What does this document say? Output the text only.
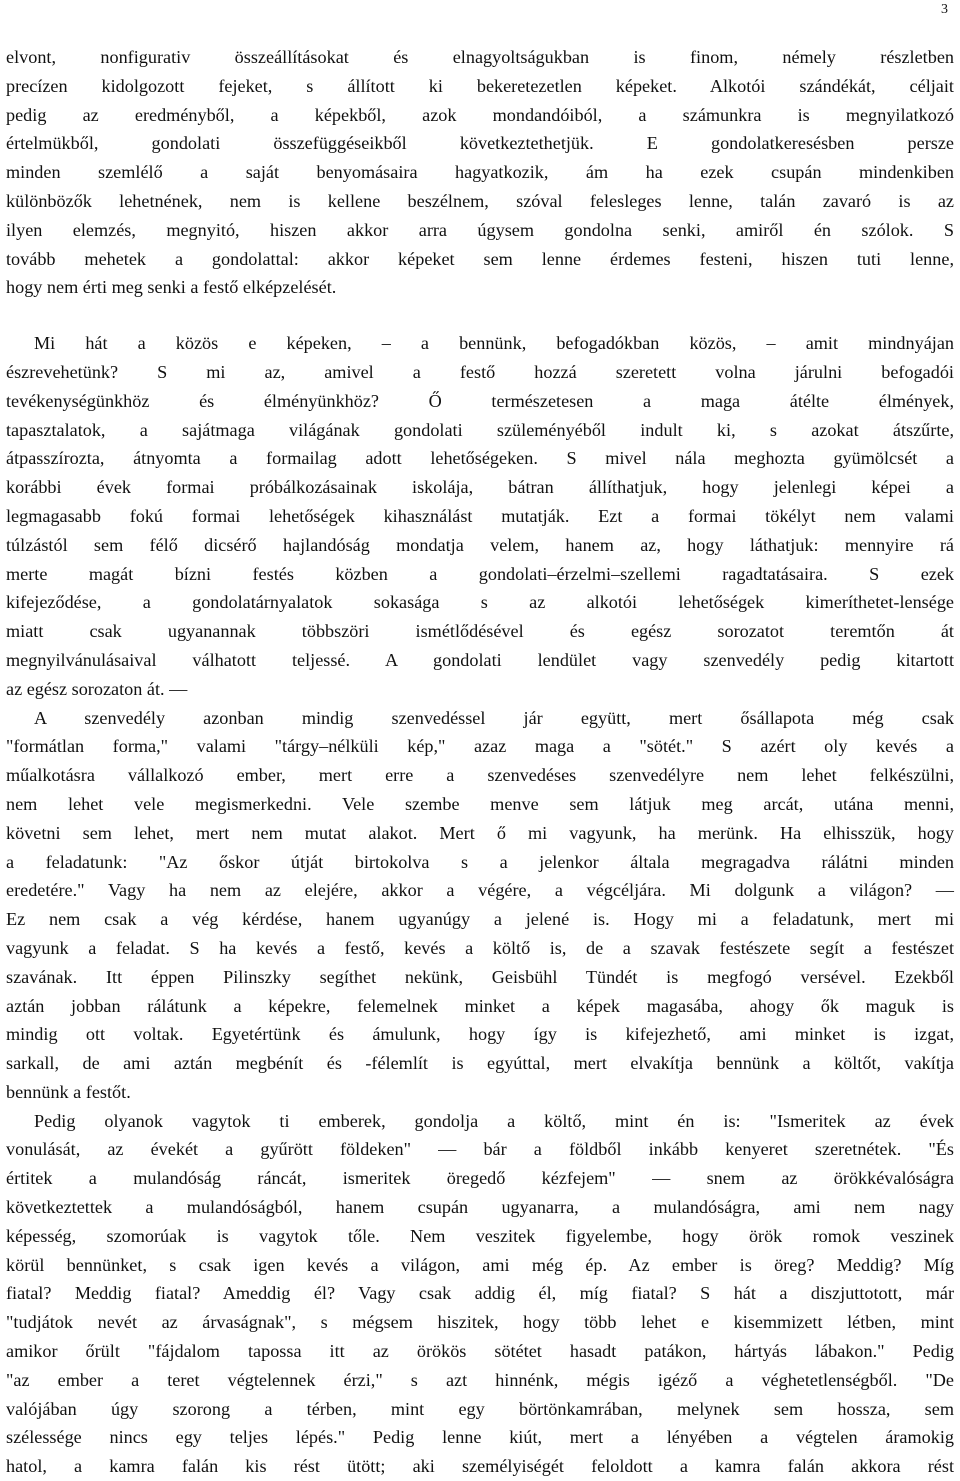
3
elvont, nonfigurativ összeállításokat és elnagyoltságukban is finom, némely részletben
precízen kidolgozott fejeket, s állított ki bekeretezetlen képeket. Alkotói szándékát, céljait
pedig az eredményből, a képekből, azok mondandóiból, a számunkra is megnyilatkozó
értelmükből, gondolati összefüggéseikből következtethetjük. E gondolatkeresésben persze
minden szemlélő a saját benyomásaira hagyatkozik, ám ha ezek csupán mindenkiben
különbözők lehetnének, nem is kellene beszélnem, szóval felesleges lenne, talán zavaró is az
ilyen elemzés, megnyitó, hiszen akkor arra úgysem gondolna senki, amiről én szólok. S
tovább mehetek a gondolattal: akkor képeket sem lenne érdemes festeni, hiszen tuti lenne,
hogy nem érti meg senki a festő elképzelését.
Mi hát a közös e képeken, – a bennünk, befogadókban közös, – amit mindnyájan
észrevehetünk? S mi az, amivel a festő hozzá szeretett volna járulni befogadói
tevékenységünkhöz és élményünkhöz? Ő természetesen a maga átélte élmények,
tapasztalatok, a sajátmaga világának gondolati szüleményéből indult ki, s azokat átszűrte,
átpasszírozta, átnyomta a formailag adott lehetőségeken. S mivel nála meghozta gyümölcsét a
korábbi évek formai próbálkozásainak iskolája, bátran állíthatjuk, hogy jelenlegi képei a
legmagasabb fokú formai lehetőségek kihasználást mutatják. Ezt a formai tökélyt nem valami
túlzástól sem félő dicsérő hajlandóság mondatja velem, hanem az, hogy láthatjuk: mennyire rá
merte magát bízni festés közben a gondolati–érzelmi–szellemi ragadtatásaira. S ezek
kifejeződése, a gondolatárnyalatok sokasága s az alkotói lehetőségek kimeríthetet-lensége
miatt csak ugyanannak többszöri ismétlődésével és egész sorozatot teremtőn át
megnyilvánulásaival válhatott teljessé. A gondolati lendület vagy szenvedély pedig kitartott
az egész sorozaton át. —
A szenvedély azonban mindig szenvedéssel jár együtt, mert ősállapota még csak
"formátlan forma," valami "tárgy–nélküli kép," azaz maga a "sötét." S azért oly kevés a
műalkotásra vállalkozó ember, mert erre a szenvedéses szenvedélyre nem lehet felkészülni,
nem lehet vele megismerkedni. Vele szembe menve sem látjuk meg arcát, utána menni,
követni sem lehet, mert nem mutat alakot. Mert ő mi vagyunk, ha merünk. Ha elhisszük, hogy
a feladatunk: "Az őskor útját birtokolva s a jelenkor általa megragadva rálátni minden
eredetére." Vagy ha nem az elejére, akkor a végére, a végcéljára. Mi dolgunk a világon? —
Ez nem csak a vég kérdése, hanem ugyanúgy a jelené is. Hogy mi a feladatunk, mert mi
vagyunk a feladat. S ha kevés a festő, kevés a költő is, de a szavak festészete segít a festészet
szavának. Itt éppen Pilinszky segíthet nekünk, Geisbühl Tündét is megfogó versével. Ezekből
aztán jobban rálátunk a képekre, felemelnek minket a képek magasába, ahogy ők maguk is
mindig ott voltak. Egyetértünk és ámulunk, hogy így is kifejezhető, ami minket is izgat,
sarkall, de ami aztán megbénít és -félemlít is egyúttal, mert elvakítja bennünk a költőt, vakítja
bennünk a festőt.
Pedig olyanok vagytok ti emberek, gondolja a költő, mint én is: "Ismeritek az évek
vonulását, az évekét a gyűrött földeken" — bár a földből inkább kenyeret szeretnétek. "És
értitek a mulandóság ráncát, ismeritek öregedő kézfejem" — snem az örökkévalóságra
következtettek a mulandóságból, hanem csupán ugyanarra, a mulandóságra, ami nem nagy
képesség, szomorúak is vagytok tőle. Nem veszitek figyelembe, hogy örök romok veszinek
körül bennünket, s csak igen kevés a világon, ami még ép. Az ember is öreg? Meddig? Míg
fiatal? Meddig fiatal? Ameddig él? Vagy csak addig él, míg fiatal? S hát a diszjuttotott, már
"tudjátok nevét az árvaságnak", s mégsem hiszitek, hogy több lehet e kisemmizett létben, mint
amikor őrült "fájdalom tapossa itt az örökös sötétet hasadt patákon, hártyás lábakon." Pedig
"az ember a teret végtelennek érzi," s azt hinnénk, mégis igéző a véghetetlenségből. "De
valójában úgy szorong a térben, mint egy börtönkamrában, melynek sem hossza, sem
szélessége nincs egy teljes lépés." Pedig lenne kiút, mert a lényében a végtelen áramokig
hatol, a kamra falán kis rést ütött; aki személyiségét feloldott a kamra falán akkora rést
